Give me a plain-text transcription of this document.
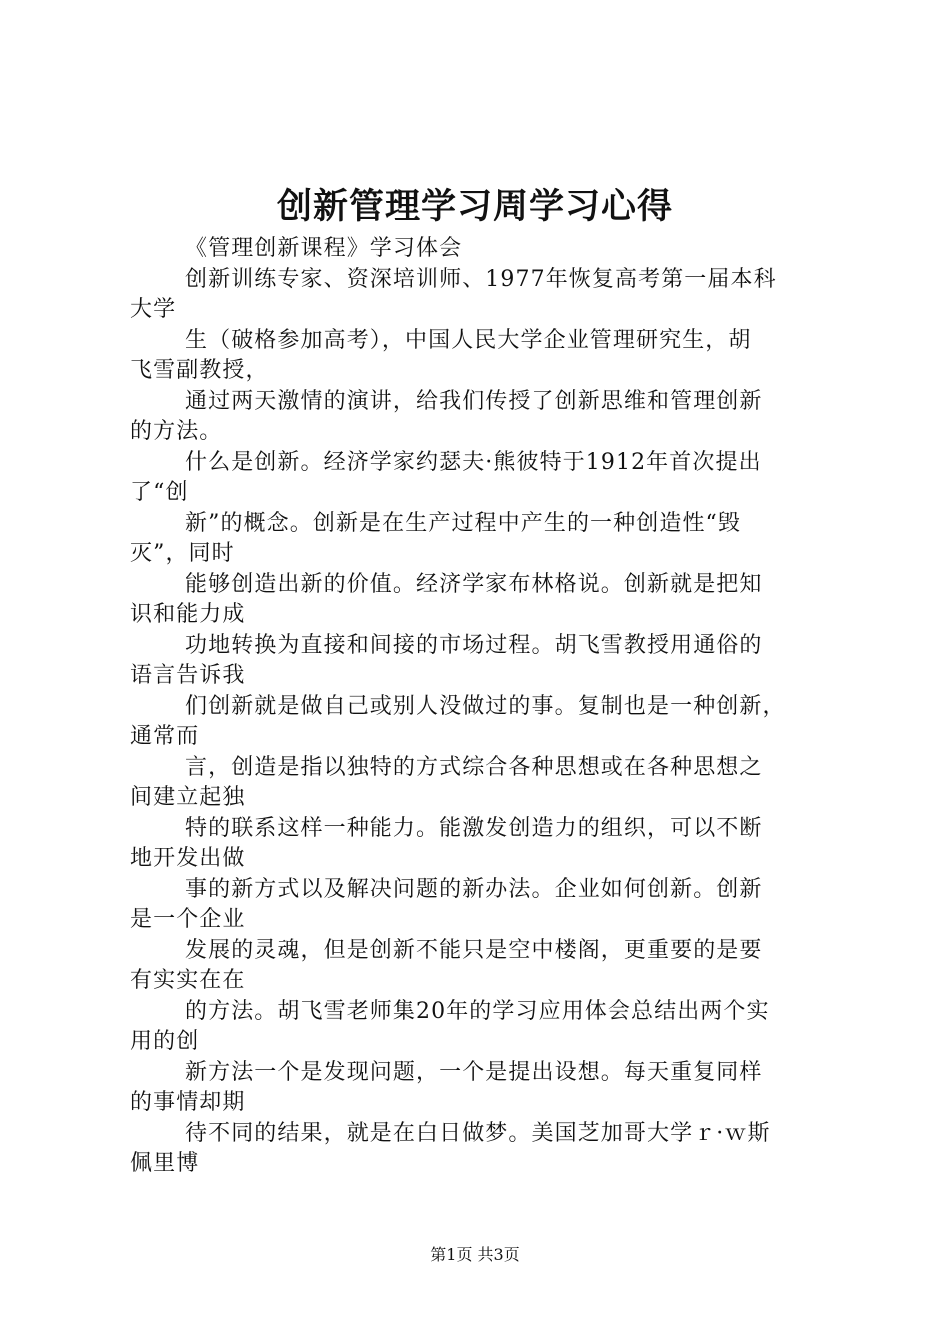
创新管理学习周学习心得
《管理创新课程》学习体会
创新训练专家、资深培训师、1977年恢复高考第一届本科
大学
生（破格参加高考），中国人民大学企业管理研究生，胡
飞雪副教授，
通过两天激情的演讲，给我们传授了创新思维和管理创新
的方法。
什么是创新。经济学家约瑟夫·熊彼特于1912年首次提出
了“创
新”的概念。创新是在生产过程中产生的一种创造性“毁
灭”，同时
能够创造出新的价值。经济学家布林格说。创新就是把知
识和能力成
功地转换为直接和间接的市场过程。胡飞雪教授用通俗的
语言告诉我
们创新就是做自己或别人没做过的事。复制也是一种创新，
通常而
言，创造是指以独特的方式综合各种思想或在各种思想之
间建立起独
特的联系这样一种能力。能激发创造力的组织，可以不断
地开发出做
事的新方式以及解决问题的新办法。企业如何创新。创新
是一个企业
发展的灵魂，但是创新不能只是空中楼阁，更重要的是要
有实实在在
的方法。胡飞雪老师集20年的学习应用体会总结出两个实
用的创
新方法一个是发现问题，一个是提出设想。每天重复同样
的事情却期
待不同的结果，就是在白日做梦。美国芝加哥大学ｒ·ｗ斯
佩里博
第1页 共3页
